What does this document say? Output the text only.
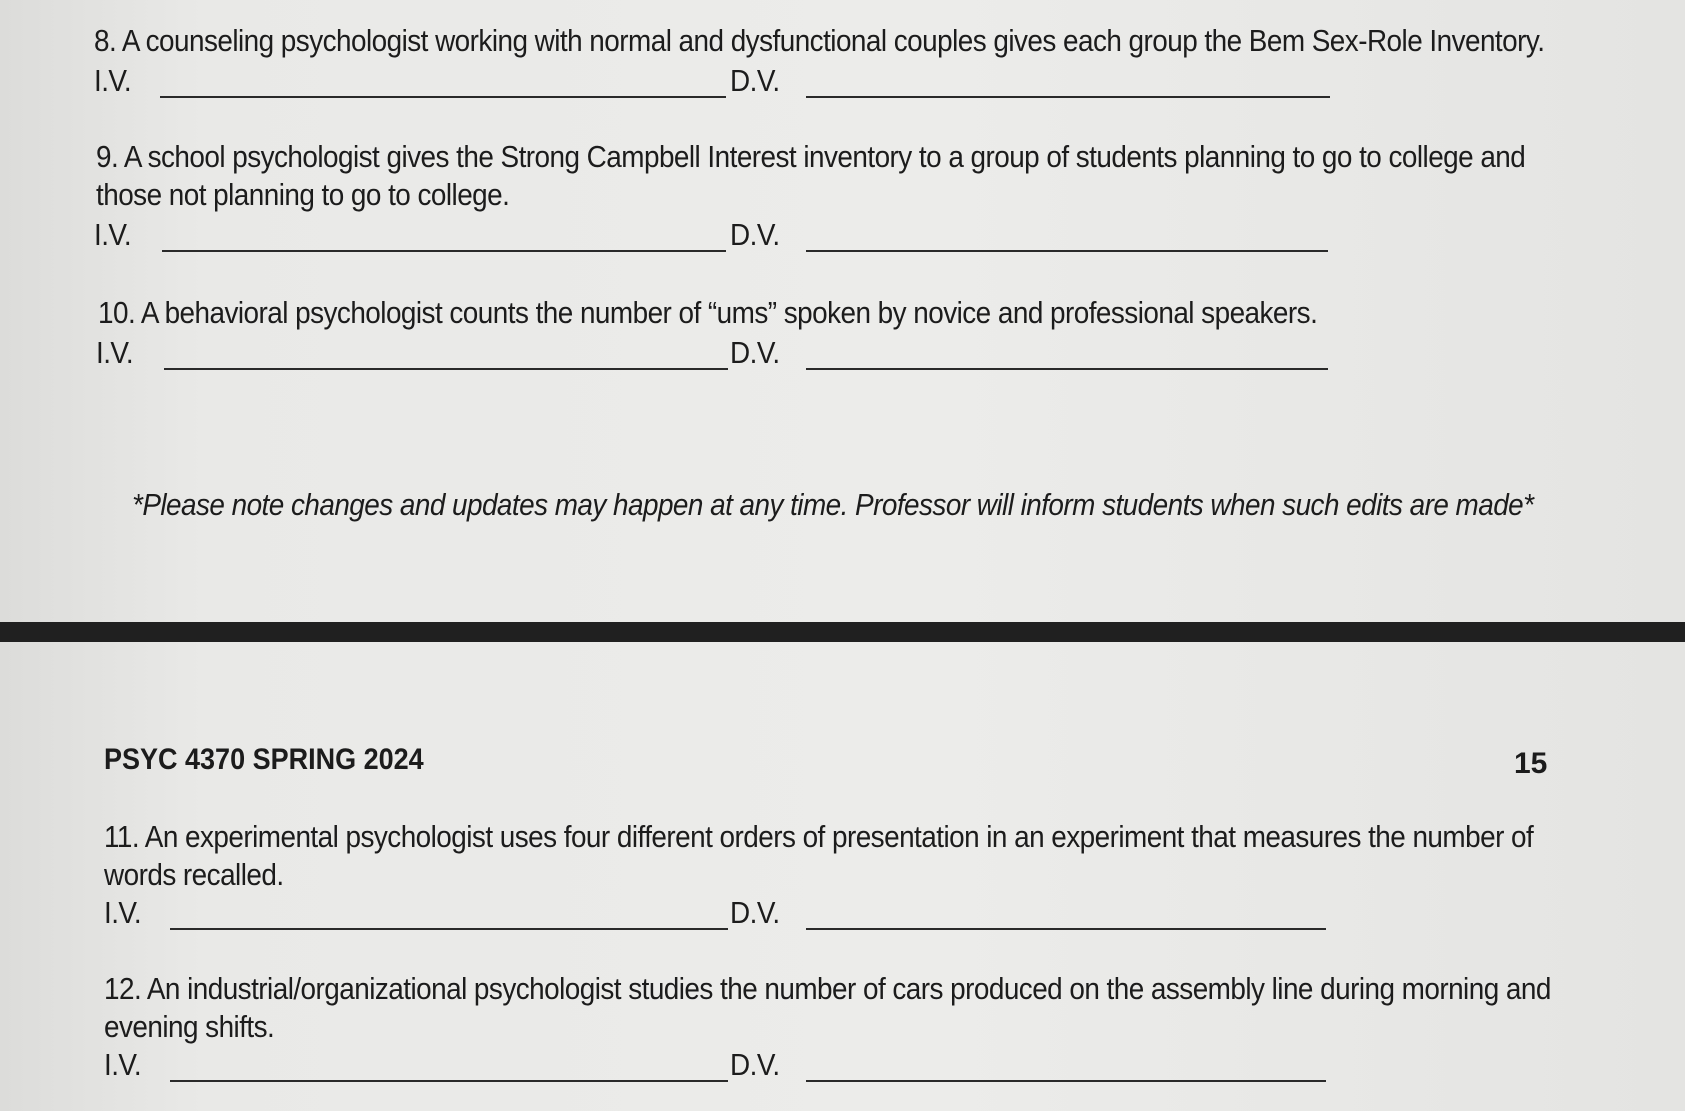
8. A counseling psychologist working with normal and dysfunctional couples gives each group the Bem Sex-Role Inventory.
I.V.	D.V.
9. A school psychologist gives the Strong Campbell Interest inventory to a group of students planning to go to college and
those not planning to go to college.
I.V.	D.V.
10. A behavioral psychologist counts the number of “ums” spoken by novice and professional speakers.
I.V.	D.V.
*Please note changes and updates may happen at any time. Professor will inform students when such edits are made*
PSYC 4370 SPRING 2024	15
11. An experimental psychologist uses four different orders of presentation in an experiment that measures the number of
words recalled.
I.V.	D.V.
12. An industrial/organizational psychologist studies the number of cars produced on the assembly line during morning and
evening shifts.
I.V.	D.V.
